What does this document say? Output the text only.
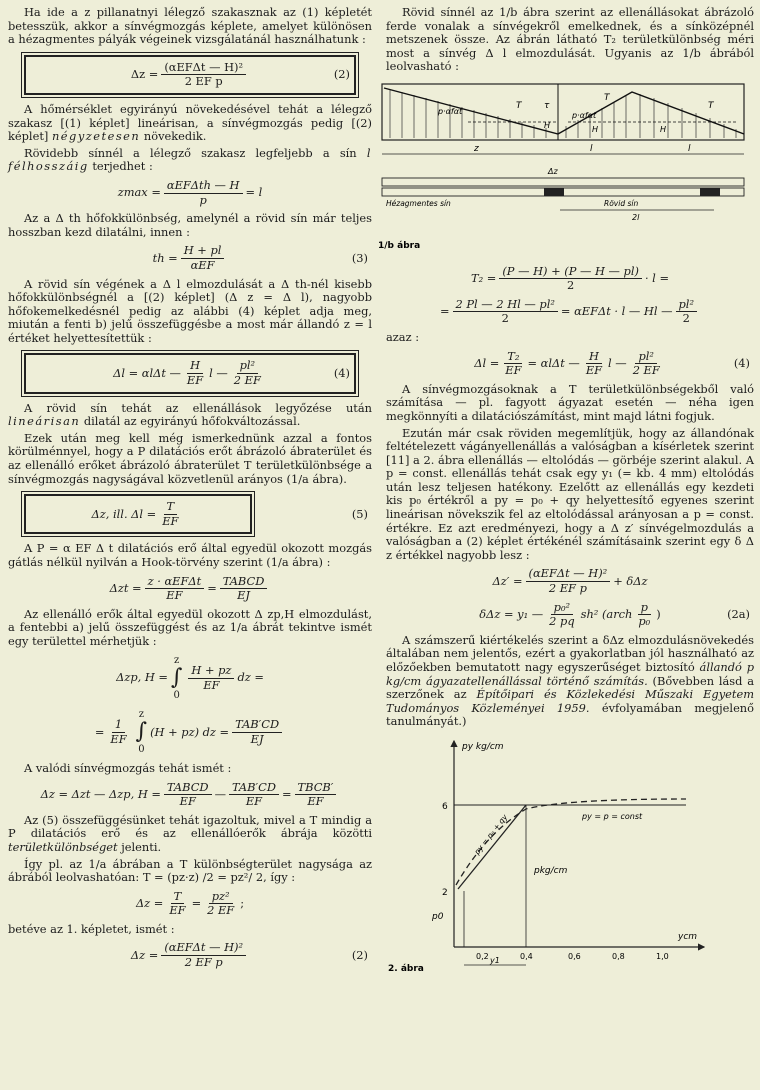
Ha ide a z pillanatnyi lélegző szakasznak az (1) képletét betesszük, akkor a sínvégmozgás képlete, amelyet különösen a hézagmentes pályák végeinek vizsgálatánál használhatunk :

$\Delta z = \frac{\text{(αEFΔt — H)²}}{\text{2 EF p}}$	(2)

A hőmérséklet egyirányú növekedésével tehát a lélegző szakasz [(1) képlet] lineárisan, a sínvégmozgás pedig [(2) képlet] négyzetesen növekedik.

Rövidebb sínnél a lélegző szakasz legfeljebb a sín l félhosszáig terjedhet :

$zmax = \frac{\text{αEFΔth — H}}{p} = l$

Az a Δ th hőfokkülönbség, amelynél a rövid sín már teljes hosszban kezd dilatálni, innen :

th = $\frac{H + pl}{\text{αEF}}$	(3)

A rövid sín végének a Δ l elmozdulását a Δ th-nél kisebb hőfokkülönbségnél a [(2) képlet] (Δ z = Δ l), nagyobb hőfokemelkedésnél pedig az alábbi (4) képlet adja meg, miután a fenti b) jelű összefüggésbe a most már állandó z = l értéket helyettesítettük :

Δl = αlΔt — $\frac{H}{EF}$ l — $\frac{\text{pl²}}{2 EF}$	(4)

A rövid sín tehát az ellenállások legyőzése után lineárisan dilatál az egyirányú hőfokváltozással.

Ezek után meg kell még ismerkednünk azzal a fontos körülménnyel, hogy a P dilatációs erőt ábrázoló ábraterület és az ellenálló erőket ábrázoló ábraterület T területkülönbsége a sínvégmozgás nagyságával közvetlenül arányos (1/a ábra).

Δz, ill. $\Delta l = \frac{T}{EF}$	(5)

A P = α EF Δ t dilatációs erő által egyedül okozott mozgás gátlás nélkül nyilván a Hook-törvény szerint (1/a ábra) :

$\Delta zt = \frac{\text{z · αEFΔt}}{EF} = \frac{\text{TABCD}}{EJ}$

Az ellenálló erők által egyedül okozott Δ zp,H elmozdulást, a fentebbi a) jelű összefüggést és az 1/a ábrát tekintve ismét egy területtel mérhetjük :

Δzp, H =
z
∫
0
$\frac{H + pz}{EF}$ dz =
= $\frac{1}{EF}$
z
∫
0
(H + pz) dz = $\frac{\text{TAB′CD}}{EJ}$

A valódi sínvégmozgás tehát ismét :

Δz = Δzt — Δzp, $H = \frac{\text{TABCD}}{EF}$ — $\frac{\text{TAB′CD}}{EF} = \frac{\text{TBCB′}}{EF}$

Az (5) összefüggésünket tehát igazoltuk, mivel a T mindig a P dilatációs erő és az ellenállóerők ábrája közötti területkülönbséget jelenti.

Így pl. az 1/a ábrában a T különbségterület nagysága az ábrából leolvashatóan: T = (pz·z) /2 = pz²/ 2, így :

$\Delta z = \frac{T}{EF} = \frac{\text{pz²}}{2 EF}$ ;

betéve az 1. képletet, ismét :

$\Delta z = \frac{\text{(αEFΔt — H)²}}{\text{2 EF p}}$	(2)

Rövid sínnél az 1/b ábra szerint az ellenállásokat ábrázoló ferde vonalak a sínvégekről emelkednek, és a sínközépnél metszenek össze. Az ábrán látható T₂ területkülönbség méri most a sínvég Δ l elmozdulását. Ugyanis az 1/b ábrából leolvasható :

p·αfαt	p·αfαt
T	τ
T
T
H	H	H
z	l	l
Δz
Hézagmentes sín	Rövid sín
2l
1/b ábra
$T_2 = \frac{(P — H) + (P — H — pl)}{2} \cdot l$ =
= $\frac{\text{2 Pl — 2 Hl — pl²}}{2} = \alpha EF\Delta t \cdot l$ — Hl — $\frac{\text{pl²}}{2}$

azaz :

$\Delta l = \frac{\text{T₂}}{EF} = \alpha l\Delta t$ — $\frac{H}{EF}$ l — $\frac{\text{pl²}}{2 EF}$	(4)

A sínvégmozgásoknak a T területkülönbségekből való számítása — pl. fagyott ágyazat esetén — néha igen megkönnyíti a dilatációszámítást, mint majd látni fogjuk.

Ezután már csak röviden megemlítjük, hogy az állandónak feltételezett vágányellenállás a valóságban a kísérletek szerint [11] a 2. ábra ellenállás — eltolódás — görbéje szerint alakul. A p = const. ellenállás tehát csak egy y₁ (= kb. 4 mm) eltolódás után lesz teljesen hatékony. Ezelőtt az ellenállás egy kezdeti kis p₀ értékről a py = p₀ + qy helyettesítő egyenes szerint lineárisan növekszik fel az eltolódással arányosan a p = const. értékre. Ez azt eredményezi, hogy a Δ z′ sínvégelmozdulás a valóságban a (2) képlet értékénél számításaink szerint egy δ Δ z értékkel nagyobb lesz :

$\Delta z' = \frac{\text{(αEFΔt — H)²}}{\text{2 EF p}} + \delta\Delta z$
δΔz = y₁ — $\frac{\text{p₀²}}{2 pq} sh^2$ (arch $\frac{p}{\text{p₀}}$ )	(2a)

A számszerű kiértékelés szerint a δΔz elmozdulásnövekedés általában nem jelentős, ezért a gyakorlatban jól használható az előzőekben bemutatott nagy egyszerűséget biztosító állandó p kg/cm ágyazatellenállással történő számítás. (Bővebben lásd a szerzőnek az Építőipari és Közlekedési Műszaki Egyetem Tudományos Közleményei 1959. évfolyamában megjelenő tanulmányát.)

py kg/cm
ycm
6
2
p0
pkg/cm
py = p = const
py = p₀ + qy
y1
0,2	0,4	0,6	0,8	1,0
2. ábra
